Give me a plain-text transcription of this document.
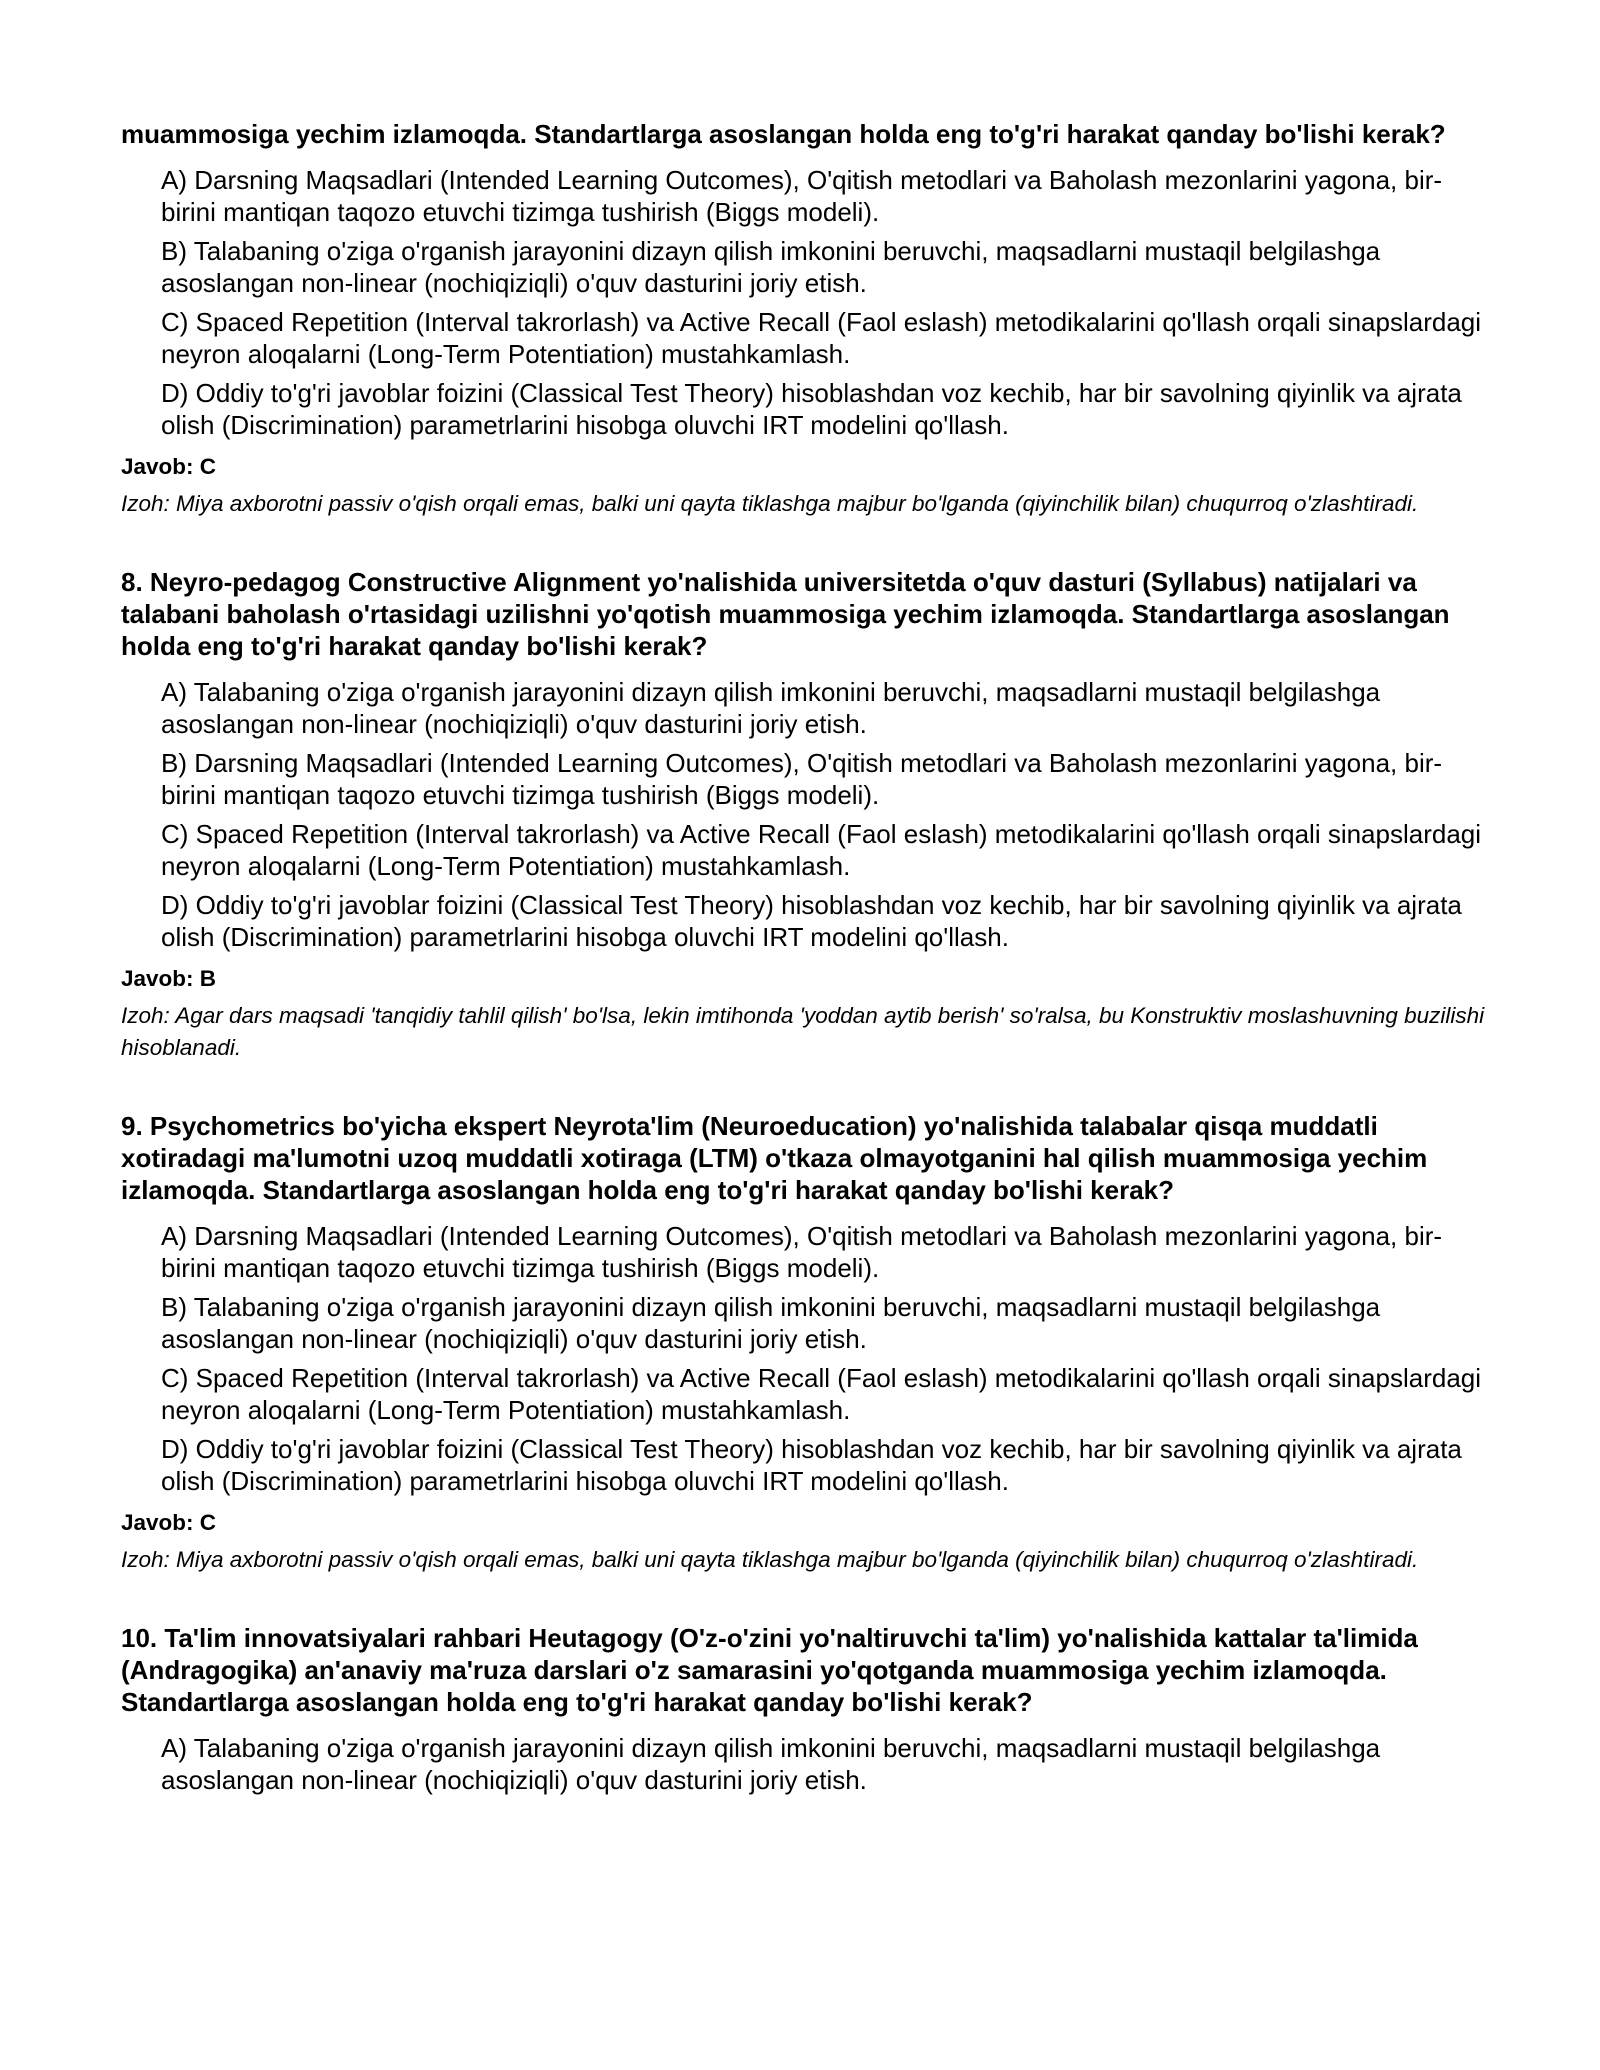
muammosiga yechim izlamoqda. Standartlarga asoslangan holda eng to'g'ri harakat qanday bo'lishi kerak?

A) Darsning Maqsadlari (Intended Learning Outcomes), O'qitish metodlari va Baholash mezonlarini yagona, bir-birini mantiqan taqozo etuvchi tizimga tushirish (Biggs modeli).

B) Talabaning o'ziga o'rganish jarayonini dizayn qilish imkonini beruvchi, maqsadlarni mustaqil belgilashga asoslangan non-linear (nochiqiziqli) o'quv dasturini joriy etish.

C) Spaced Repetition (Interval takrorlash) va Active Recall (Faol eslash) metodikalarini qo'llash orqali sinapslardagi neyron aloqalarni (Long-Term Potentiation) mustahkamlash.

D) Oddiy to'g'ri javoblar foizini (Classical Test Theory) hisoblashdan voz kechib, har bir savolning qiyinlik va ajrata olish (Discrimination) parametrlarini hisobga oluvchi IRT modelini qo'llash.

Javob: C

Izoh: Miya axborotni passiv o'qish orqali emas, balki uni qayta tiklashga majbur bo'lganda (qiyinchilik bilan) chuqurroq o'zlashtiradi.

8. Neyro-pedagog Constructive Alignment yo'nalishida universitetda o'quv dasturi (Syllabus) natijalari va talabani baholash o'rtasidagi uzilishni yo'qotish muammosiga yechim izlamoqda. Standartlarga asoslangan holda eng to'g'ri harakat qanday bo'lishi kerak?

A) Talabaning o'ziga o'rganish jarayonini dizayn qilish imkonini beruvchi, maqsadlarni mustaqil belgilashga asoslangan non-linear (nochiqiziqli) o'quv dasturini joriy etish.

B) Darsning Maqsadlari (Intended Learning Outcomes), O'qitish metodlari va Baholash mezonlarini yagona, bir-birini mantiqan taqozo etuvchi tizimga tushirish (Biggs modeli).

C) Spaced Repetition (Interval takrorlash) va Active Recall (Faol eslash) metodikalarini qo'llash orqali sinapslardagi neyron aloqalarni (Long-Term Potentiation) mustahkamlash.

D) Oddiy to'g'ri javoblar foizini (Classical Test Theory) hisoblashdan voz kechib, har bir savolning qiyinlik va ajrata olish (Discrimination) parametrlarini hisobga oluvchi IRT modelini qo'llash.

Javob: B

Izoh: Agar dars maqsadi 'tanqidiy tahlil qilish' bo'lsa, lekin imtihonda 'yoddan aytib berish' so'ralsa, bu Konstruktiv moslashuvning buzilishi hisoblanadi.

9. Psychometrics bo'yicha ekspert Neyrota'lim (Neuroeducation) yo'nalishida talabalar qisqa muddatli xotiradagi ma'lumotni uzoq muddatli xotiraga (LTM) o'tkaza olmayotganini hal qilish muammosiga yechim izlamoqda. Standartlarga asoslangan holda eng to'g'ri harakat qanday bo'lishi kerak?

A) Darsning Maqsadlari (Intended Learning Outcomes), O'qitish metodlari va Baholash mezonlarini yagona, bir-birini mantiqan taqozo etuvchi tizimga tushirish (Biggs modeli).

B) Talabaning o'ziga o'rganish jarayonini dizayn qilish imkonini beruvchi, maqsadlarni mustaqil belgilashga asoslangan non-linear (nochiqiziqli) o'quv dasturini joriy etish.

C) Spaced Repetition (Interval takrorlash) va Active Recall (Faol eslash) metodikalarini qo'llash orqali sinapslardagi neyron aloqalarni (Long-Term Potentiation) mustahkamlash.

D) Oddiy to'g'ri javoblar foizini (Classical Test Theory) hisoblashdan voz kechib, har bir savolning qiyinlik va ajrata olish (Discrimination) parametrlarini hisobga oluvchi IRT modelini qo'llash.

Javob: C

Izoh: Miya axborotni passiv o'qish orqali emas, balki uni qayta tiklashga majbur bo'lganda (qiyinchilik bilan) chuqurroq o'zlashtiradi.

10. Ta'lim innovatsiyalari rahbari Heutagogy (O'z-o'zini yo'naltiruvchi ta'lim) yo'nalishida kattalar ta'limida (Andragogika) an'anaviy ma'ruza darslari o'z samarasini yo'qotganda muammosiga yechim izlamoqda. Standartlarga asoslangan holda eng to'g'ri harakat qanday bo'lishi kerak?

A) Talabaning o'ziga o'rganish jarayonini dizayn qilish imkonini beruvchi, maqsadlarni mustaqil belgilashga asoslangan non-linear (nochiqiziqli) o'quv dasturini joriy etish.
